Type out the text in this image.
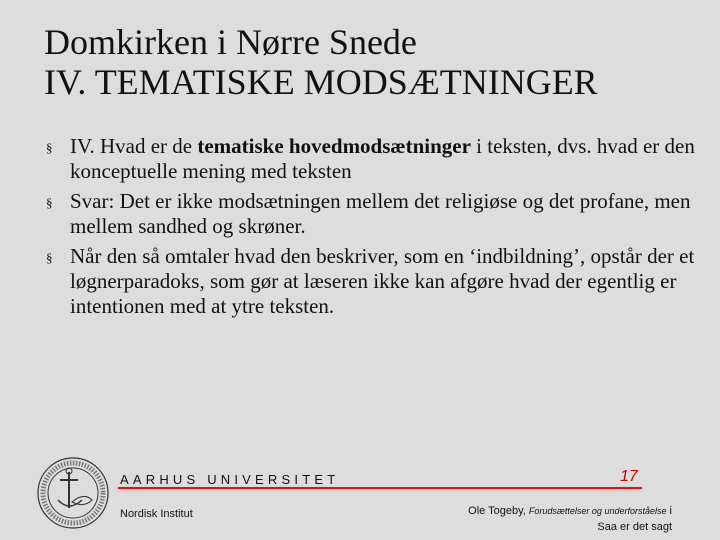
Domkirken i Nørre Snede
IV. TEMATISKE MODSÆTNINGER
§ IV. Hvad er de tematiske hovedmodsætninger i teksten, dvs. hvad er den konceptuelle mening med teksten
§ Svar: Det er ikke modsætningen mellem det religiøse og det profane, men mellem sandhed og skrøner.
§ Når den så omtaler hvad den beskriver, som en ‘indbildning’, opstår der et løgnerparadoks, som gør at læseren ikke kan afgøre hvad der egentlig er intentionen med at ytre teksten.
AARHUS UNIVERSITET	17
Nordisk Institut	Ole Togeby, Forudsættelser og underforståelse i
Saa er det sagt
